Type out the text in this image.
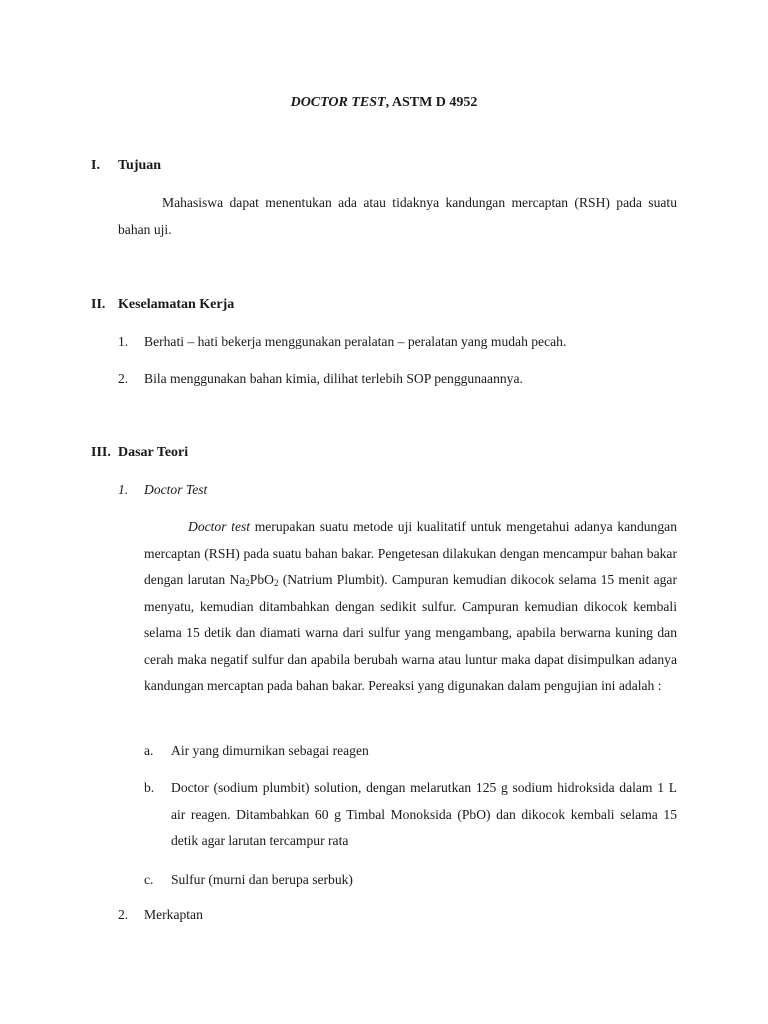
DOCTOR TEST, ASTM D 4952
I.	Tujuan
Mahasiswa dapat menentukan ada atau tidaknya kandungan mercaptan (RSH) pada suatu bahan uji.
II. Keselamatan Kerja
1.	Berhati – hati bekerja menggunakan peralatan – peralatan yang mudah pecah.
2.	Bila menggunakan bahan kimia, dilihat terlebih SOP penggunaannya.
III. Dasar Teori
1.	Doctor Test
Doctor test merupakan suatu metode uji kualitatif untuk mengetahui adanya kandungan mercaptan (RSH) pada suatu bahan bakar. Pengetesan dilakukan dengan mencampur bahan bakar dengan larutan $Na_2PbO_2$ (Natrium Plumbit). Campuran kemudian dikocok selama 15 menit agar menyatu, kemudian ditambahkan dengan sedikit sulfur. Campuran kemudian dikocok kembali selama 15 detik dan diamati warna dari sulfur yang mengambang, apabila berwarna kuning dan cerah maka negatif sulfur dan apabila berubah warna atau luntur maka dapat disimpulkan adanya kandungan mercaptan pada bahan bakar. Pereaksi yang digunakan dalam pengujian ini adalah :
a.	Air yang dimurnikan sebagai reagen
b.	Doctor (sodium plumbit) solution, dengan melarutkan 125 g sodium hidroksida dalam 1 L air reagen. Ditambahkan 60 g Timbal Monoksida (PbO) dan dikocok kembali selama 15 detik agar larutan tercampur rata
c.	Sulfur (murni dan berupa serbuk)
2.	Merkaptan
